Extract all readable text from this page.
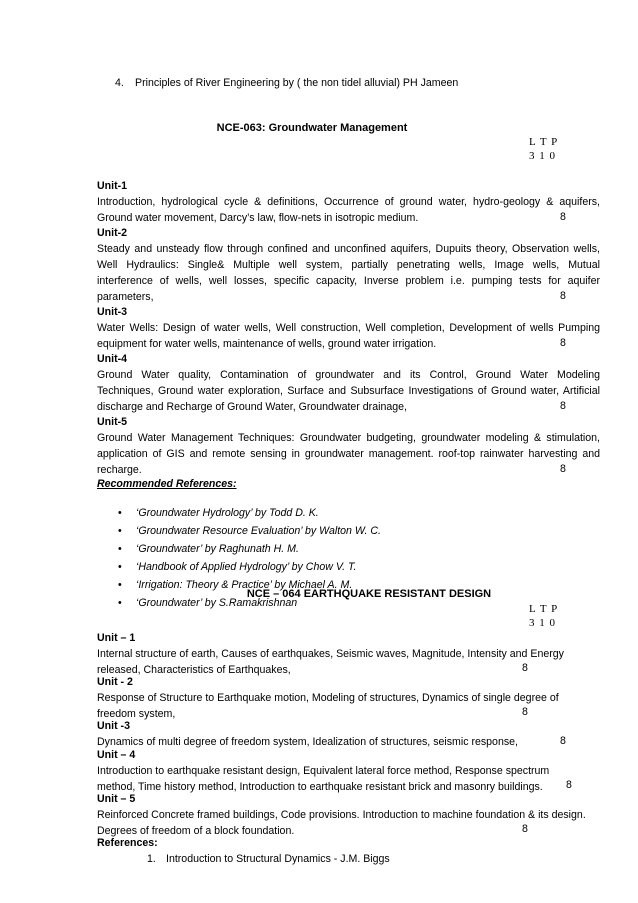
4. Principles of River Engineering by ( the non tidel alluvial) PH Jameen
NCE-063: Groundwater Management
L T P
3 1 0
Unit-1
Introduction, hydrological cycle & definitions, Occurrence of ground water, hydro-geology & aquifers,
Ground water movement, Darcy’s law, flow-nets in isotropic medium.	8
Unit-2
Steady and unsteady flow through confined and unconfined aquifers, Dupuits theory, Observation wells,
Well Hydraulics: Single& Multiple well system, partially penetrating wells, Image wells, Mutual
interference of wells, well losses, specific capacity, Inverse problem i.e. pumping tests for aquifer
parameters,	8
Unit-3
Water Wells: Design of water wells, Well construction, Well completion, Development of wells Pumping
equipment for water wells, maintenance of wells, ground water irrigation.	8
Unit-4
Ground Water quality, Contamination of groundwater and its Control, Ground Water Modeling
Techniques, Ground water exploration, Surface and Subsurface Investigations of Ground water, Artificial
discharge and Recharge of Ground Water, Groundwater drainage,	8
Unit-5
Ground Water Management Techniques: Groundwater budgeting, groundwater modeling & stimulation,
application of GIS and remote sensing in groundwater management. roof-top rainwater harvesting and
recharge.	8
Recommended References:
• ‘Groundwater Hydrology’ by Todd D. K.
• ‘Groundwater Resource Evaluation’ by Walton W. C.
• ‘Groundwater’ by Raghunath H. M.
• ‘Handbook of Applied Hydrology’ by Chow V. T.
• ‘Irrigation: Theory & Practice’ by Michael A. M.
• ‘Groundwater’ by S.Ramakrishnan
NCE – 064 EARTHQUAKE RESISTANT DESIGN
L T P
3 1 0
Unit – 1
Internal structure of earth, Causes of earthquakes, Seismic waves, Magnitude, Intensity and Energy
released, Characteristics of Earthquakes,	8
Unit - 2
Response of Structure to Earthquake motion, Modeling of structures, Dynamics of single degree of
freedom system,	8
Unit -3
Dynamics of multi degree of freedom system, Idealization of structures, seismic response,	8
Unit – 4
Introduction to earthquake resistant design, Equivalent lateral force method, Response spectrum
method, Time history method, Introduction to earthquake resistant brick and masonry buildings.	8
Unit – 5
Reinforced Concrete framed buildings, Code provisions. Introduction to machine foundation & its design.
Degrees of freedom of a block foundation.	8
References:
1. Introduction to Structural Dynamics - J.M. Biggs
